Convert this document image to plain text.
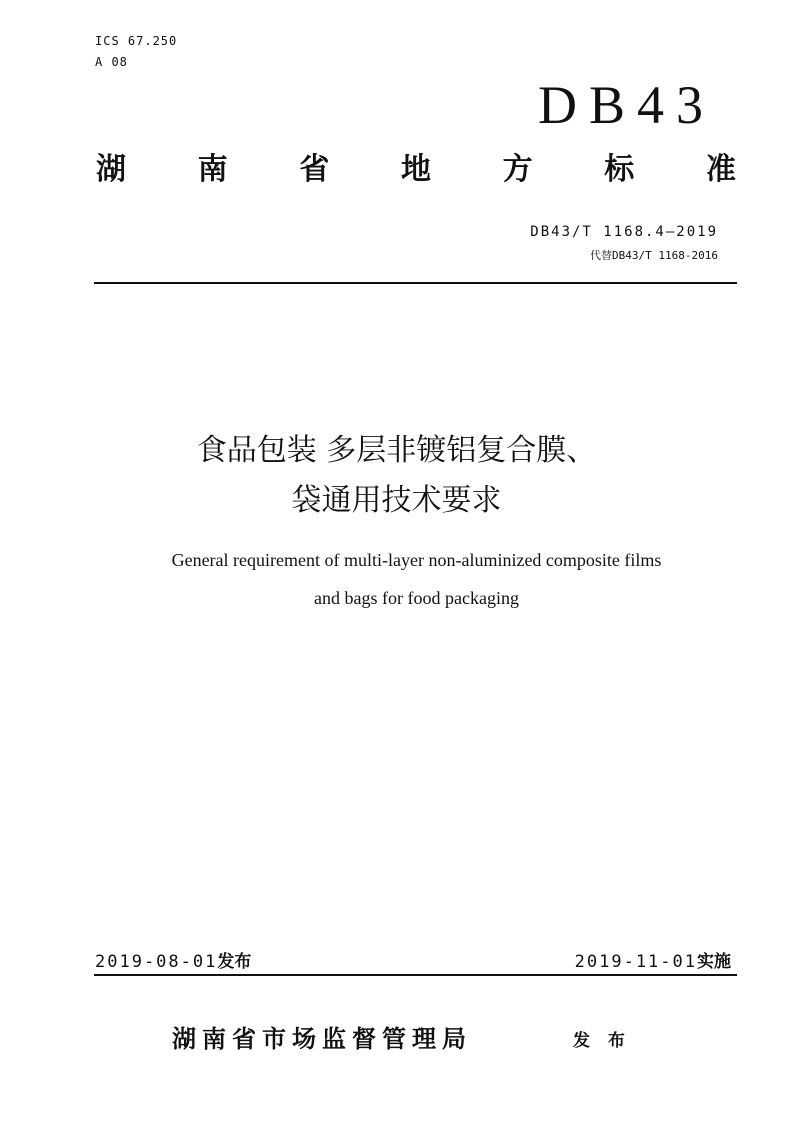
ICS 67.250
A 08
DB43
湖 南 省 地 方 标 准
DB43/T 1168.4—2019
代替DB43/T 1168-2016
食品包装 多层非镀铝复合膜、
袋通用技术要求
General requirement of multi-layer non-aluminized composite films
and bags for food packaging
2019-08-01发布	2019-11-01实施
湖南省市场监督管理局	发 布
